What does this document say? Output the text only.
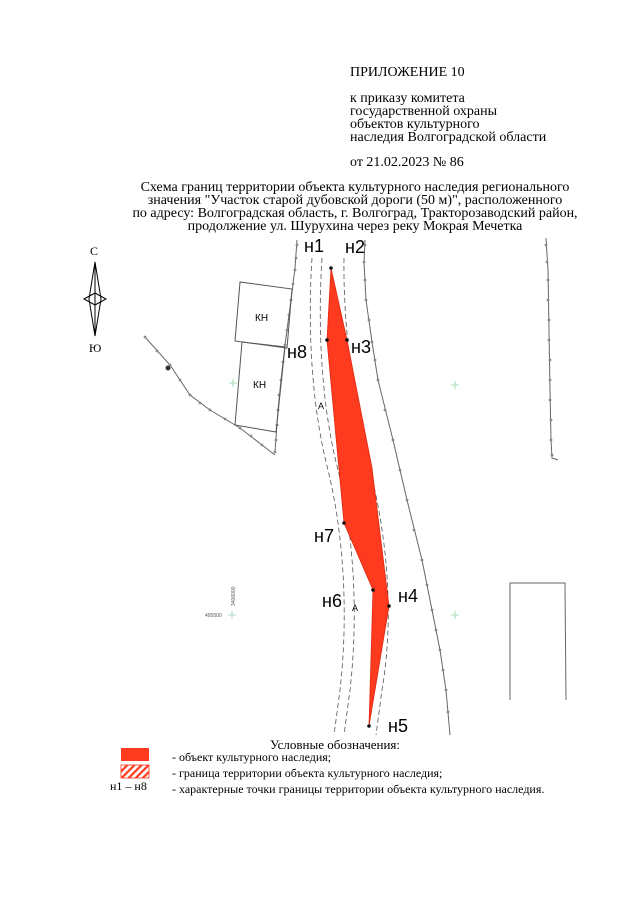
ПРИЛОЖЕНИЕ 10
к приказу комитета
государственной охраны
объектов культурного
наследия Волгоградской области
от 21.02.2023 № 86
Схема границ территории объекта культурного наследия регионального
значения "Участок старой дубовской дороги (50 м)", расположенного
по адресу: Волгоградская область, г. Волгоград, Тракторозаводский район,
продолжение ул. Шурухина через реку Мокрая Мечетка
С
Ю
495500
3406000
КН
КН
А
А
н1 н2
н3
н4
н5
н6
н7
н8
Условные обозначения:
- объект культурного наследия;
- граница территории объекта культурного наследия;
- характерные точки границы территории объекта культурного наследия.
н1 – н8
